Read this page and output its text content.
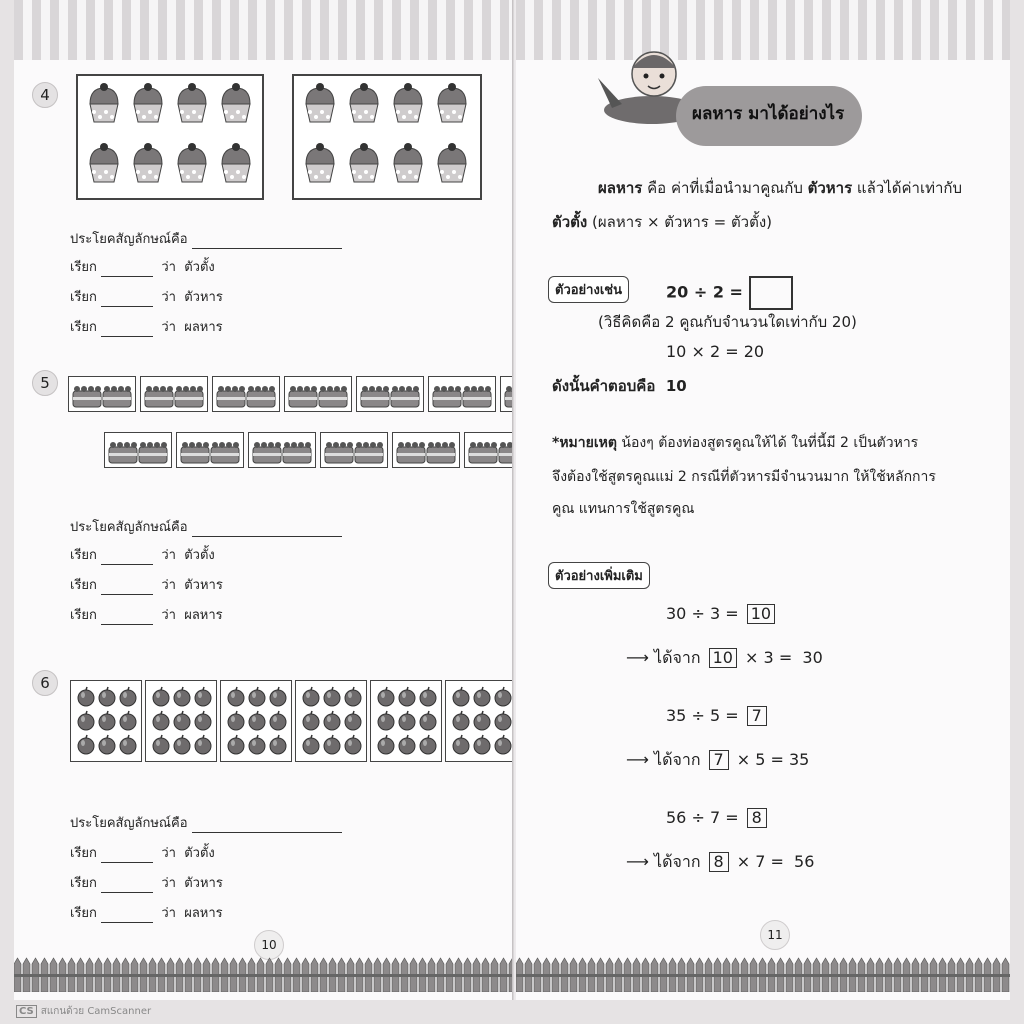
4
ประโยคสัญลักษณ์คือ
เรียก	ว่า ตัวตั้ง
เรียก	ว่า ตัวหาร
เรียก	ว่า ผลหาร
5
ประโยคสัญลักษณ์คือ
เรียก	ว่า ตัวตั้ง
เรียก	ว่า ตัวหาร
เรียก	ว่า ผลหาร
6
ประโยคสัญลักษณ์คือ
เรียก	ว่า ตัวตั้ง
เรียก	ว่า ตัวหาร
เรียก	ว่า ผลหาร
10
11
ผลหาร มาได้อย่างไร
ผลหาร คือ ค่าที่เมื่อนำมาคูณกับ ตัวหาร แล้วได้ค่าเท่ากับ
ตัวตั้ง (ผลหาร × ตัวหาร = ตัวตั้ง)
ตัวอย่างเช่น	20 ÷ 2 =
(วิธีคิดคือ 2 คูณกับจำนวนใดเท่ากับ 20)
10 × 2 = 20
ดังนั้นคำตอบคือ 10
*หมายเหตุ น้องๆ ต้องท่องสูตรคูณให้ได้ ในที่นี้มี 2 เป็นตัวหาร
จึงต้องใช้สูตรคูณแม่ 2 กรณีที่ตัวหารมีจำนวนมาก ให้ใช้หลักการ
คูณ แทนการใช้สูตรคูณ
ตัวอย่างเพิ่มเติม
30 ÷ 3 = 10
⟶ ได้จาก 10 × 3 =  30
35 ÷ 5 = 7
⟶ ได้จาก 7 × 5 = 35
56 ÷ 7 = 8
⟶ ได้จาก 8 × 7 =  56
CS สแกนด้วย CamScanner
